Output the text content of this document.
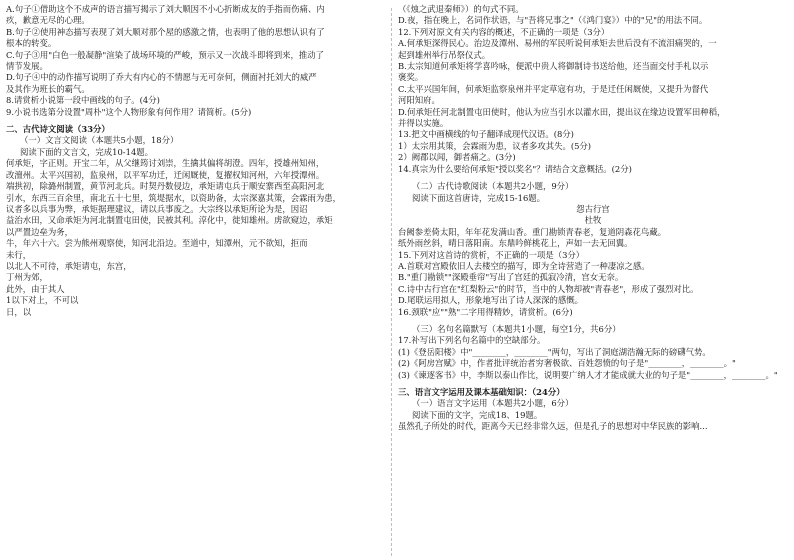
A.句子①借助这个不成声的语言描写揭示了刘大顺因不小心折断成友的手指而伤痛、内
疚，歉意无尽的心理。
B.句子②使用神态描写表现了刘大顺对那个屋的感激之情，也表明了他的思想认识有了
根本的转变。
C.句子③用"白色一般凝静"渲染了战场环境的严峻，预示又一次战斗即将到来，推动了
情节发展。
D.句子④中的动作描写说明了乔大有内心的不情愿与无可奈何，侧面衬托刘大的威严
及其作为班长的霸气。
8.请赏析小说第一段中画线的句子。(4分)
9.小说书选第分设置"周朴"这个人物形象有何作用？请简析。(5分)
二、古代诗文阅读（33分）
（一）文言文阅读（本题共5小题，18分）
阅读下面的文言文，完成10-14题。
何承矩，字正则。开宝二年，从父继筠讨刘崇，生擒其偏将胡澄。四年，授雄州知州，
改澶州。太平兴国初，监泉州，以平军功迁，迁闲厩使，复擢权知河州，六年授潭州。
端拱初，除潞州制置，黄节河北兵。时契丹数侵边，承矩请屯兵于顺安寨西至高阳河北
引水，东西三百余里，南北五十七里，筑堤据水，以资助备，太宗深嘉其策，会霖雨为患，
议者多以兵事为弊，承矩据理建议，请以兵事废之。大宗终以承矩所论为是，因诏
益治水田，又命承矩为河北制置屯田使，民被其利。淳化中，徙知雄州。虏欲窥边，承矩
以严置边垒为务，
牛，年六十六。尝为熊州观察使，知河北沿边。至道中，知潭州，元不欲知，拒而
未行，
以北人不可待，承矩请屯，东宫，
丁州为郊，
此外，由于其人
1以下对上，不可以
日，以
（《烛之武退秦师》）的句式不同。
D.夜，指在晚上，名词作状语，与"吾将兄事之"（《鸿门宴》）中的"兄"的用法不同。
12.下列对原文有关内容的概述，不正确的一项是（3分）
A.何承矩深得民心。治边及潭州、易州的军民听说何承矩去世后没有不流泪痛哭的，一
起到雄州举行吊祭仪式。
B.太宗知道何承矩将学喜吟咏，便派中贵人将御制诗书送给他，还当面交付手札以示
褒奖。
C.太平兴国年间，何承矩监察泉州并平定草寇有功，于是迁任闲厩使，又提升为督代
河阳知府。
D.何承矩任河北制置屯田使时，他认为应当引水以灌水田，提出议在缘边设置军田种稻，
并得以实施。
13.把文中画横线的句子翻译成现代汉语。(8分)
1）太宗用其策，会霖雨为患，议者多攻其失。(5分)
2）阙郡以闻，御者痛之。(3分)
14.真宗为什么要给何承矩"授以奖名"？请结合文意概括。(2分)
（二）古代诗歌阅读（本题共2小题，9分）
阅读下面这首唐诗，完成15-16题。
怨古行宫
杜牧
台阙参差倚太阳，年年花发满山香。重门勘锁青春老，复道阴森花鸟藏。
纸外雨丝斜，晴日落阳南。东鼎吟鲜桃花上，声如一去无回翼。
15.下列对这首诗的赏析，不正确的一项是（3分）
A.首联对宫殿依旧人去楼空的描写，即为全诗营造了一种凄凉之感。
B."重门勘锁""深殿垂帘"写出了宫廷的孤寂冷清，宫女无奈。
C.诗中古行宫在"红梨粉云"的时节，当中的人物却被"青春老"，形成了强烈对比。
D.尾联运用拟人，形象地写出了诗人深深的感慨。
16.颈联"应""熟"二字用得精妙，请赏析。(6分)
（三）名句名篇默写（本题共1小题，每空1分，共6分）
17.补写出下列名句名篇中的空缺部分。
(1)《登岳阳楼》中"________，________"两句，写出了洞庭湖浩瀚无际的磅礴气势。
(2)《阿房宫赋》中，作者批评统治者穷奢极欲、百姓怨愤的句子是"________，________。"
(3)《谏逐客书》中，李斯以泰山作比，说明要广纳人才才能成就大业的句子是"________，________。"
三、语言文字运用及课本基础知识：（24分）
（一）语言文字运用（本题共2小题，6分）
阅读下面的文字，完成18、19题。
虽然孔子所处的时代，距离今天已经非常久远，但是孔子的思想对中华民族的影响...
